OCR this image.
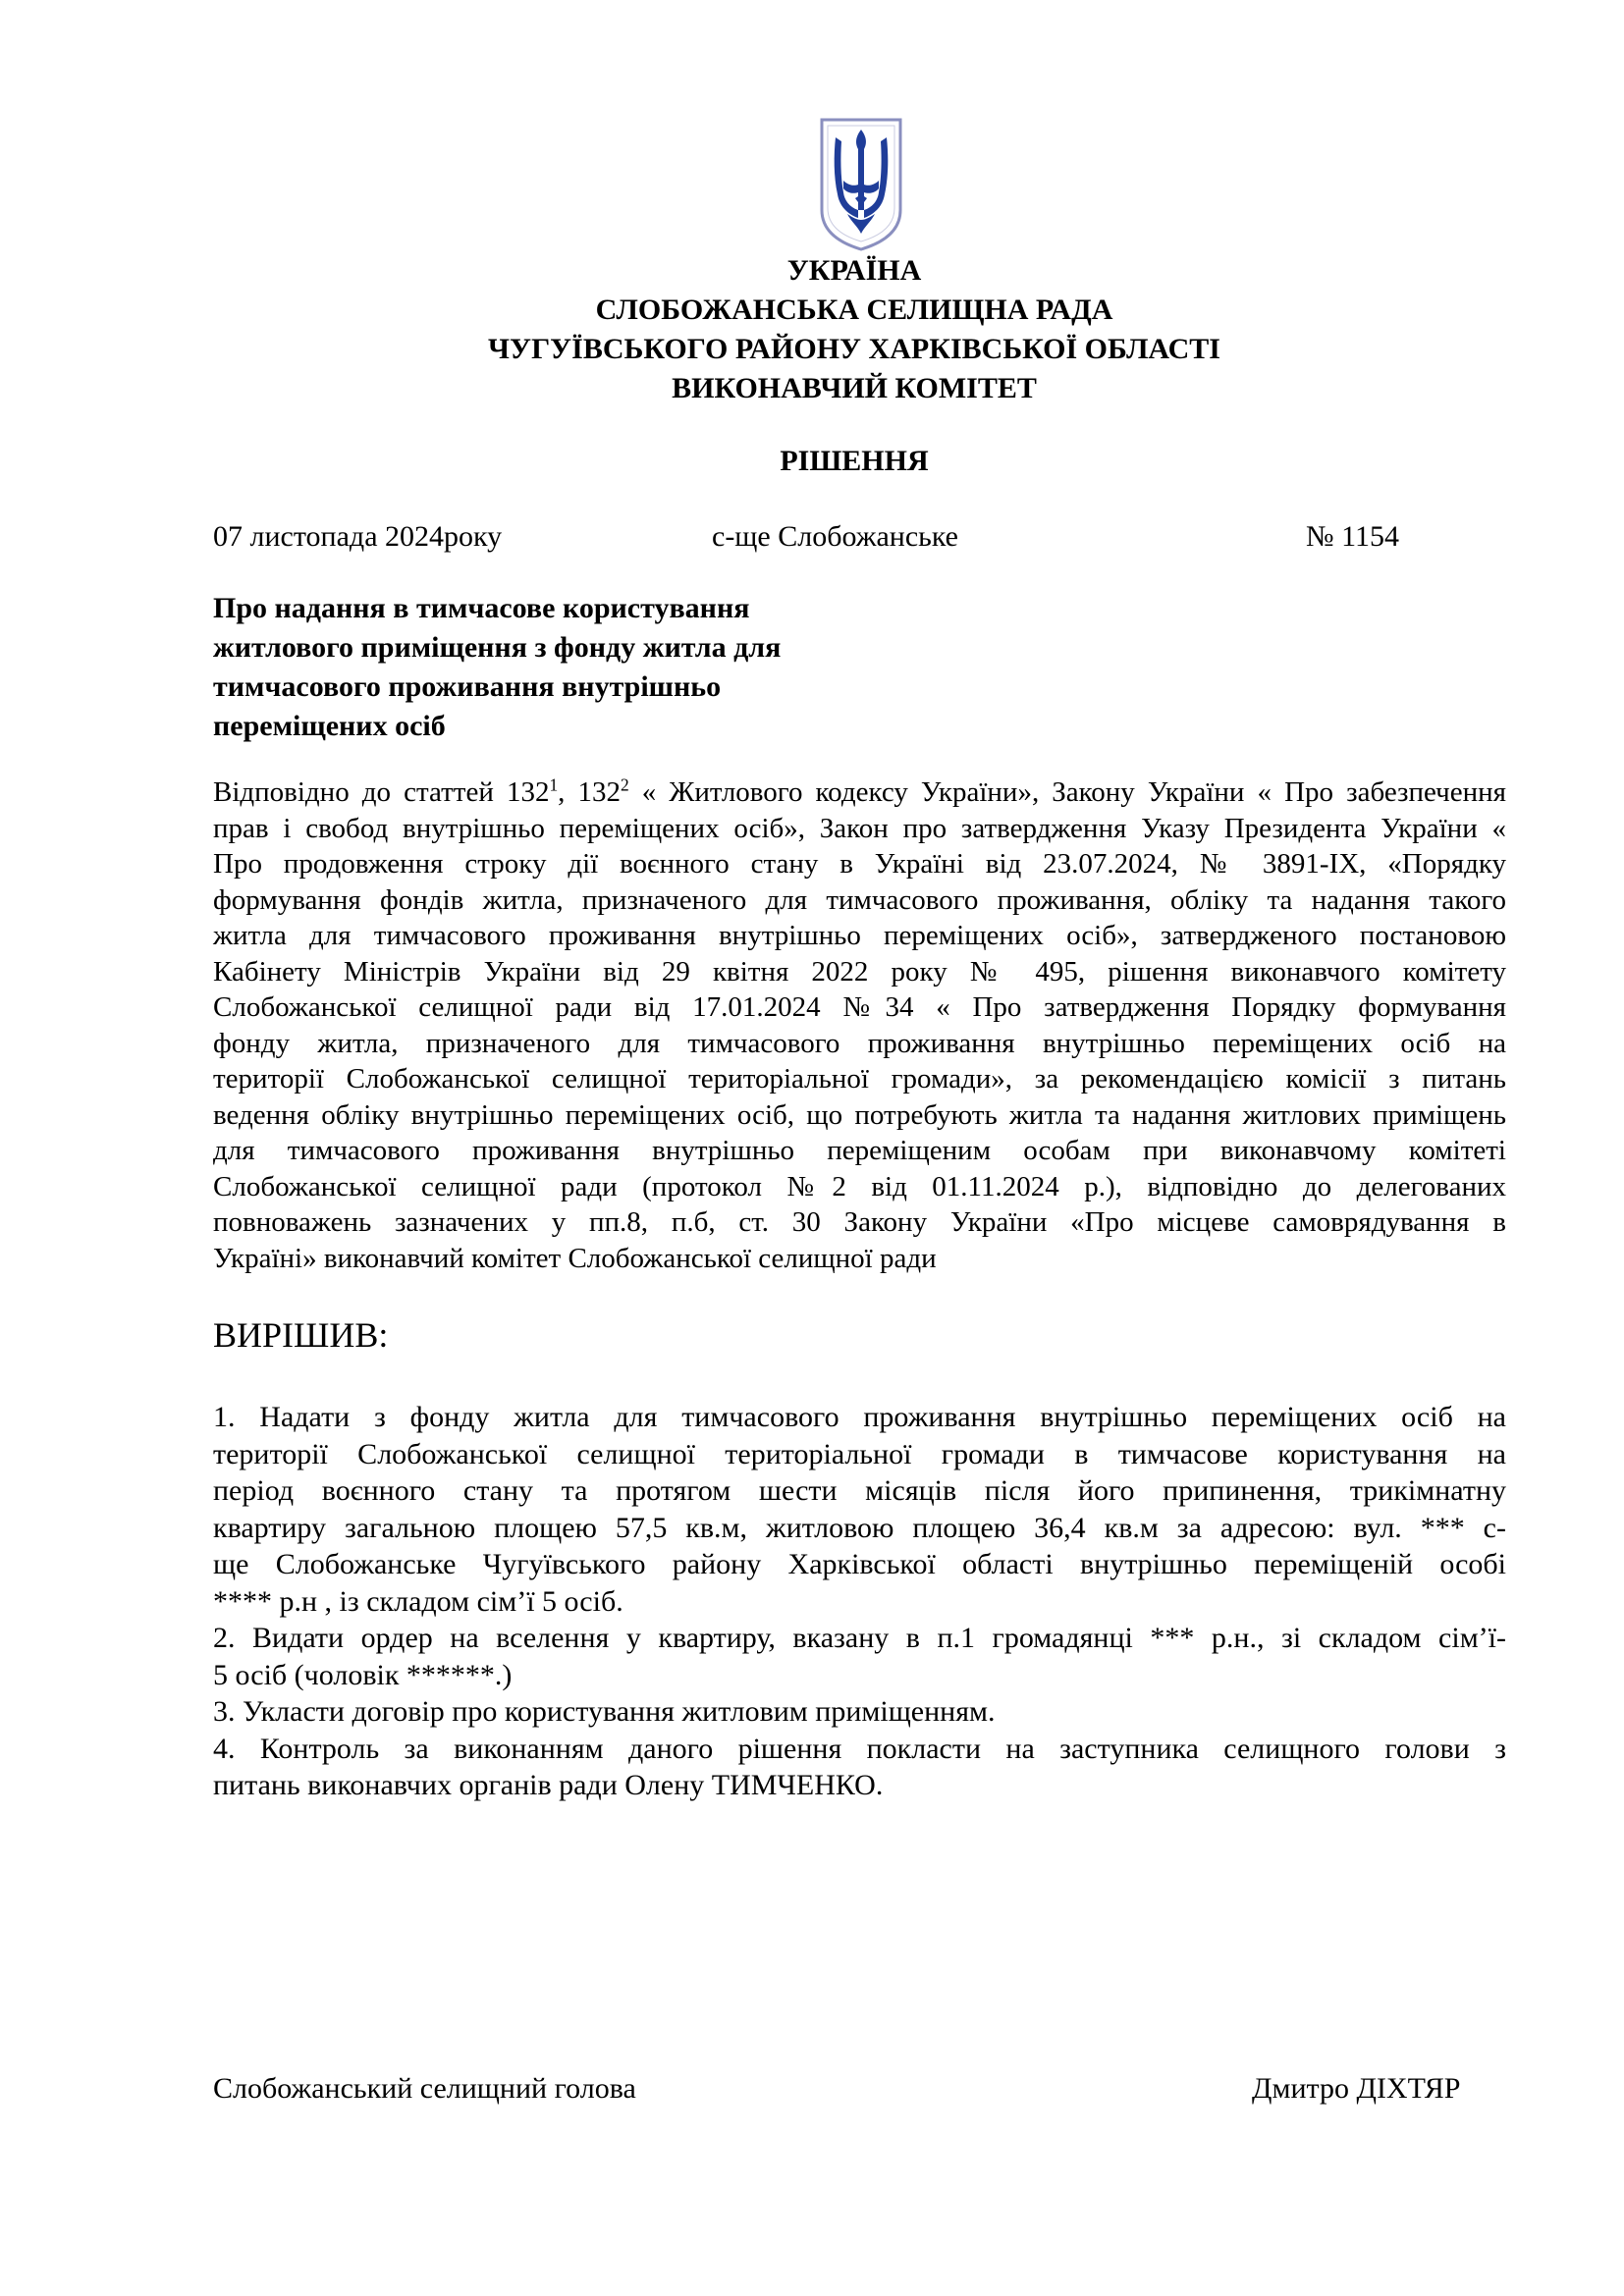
УКРАЇНА
СЛОБОЖАНСЬКА СЕЛИЩНА РАДА
ЧУГУЇВСЬКОГО РАЙОНУ ХАРКІВСЬКОЇ ОБЛАСТІ
ВИКОНАВЧИЙ КОМІТЕТ
РІШЕННЯ
07 листопада 2024року	с-ще Слобожанське	№ 1154
Про надання в тимчасове користування
житлового приміщення з фонду житла для
тимчасового проживання внутрішньо
переміщених осіб
Відповідно до статтей $132^1$, $132^2$ « Житлового кодексу України», Закону України « Про забезпечення
прав і свобод внутрішньо переміщених осіб», Закон про затвердження Указу Президента України «
Про продовження строку дії воєнного стану в Україні від 23.07.2024, № 3891-IX, «Порядку
формування фондів житла, призначеного для тимчасового проживання, обліку та надання такого
житла для тимчасового проживання внутрішньо переміщених осіб», затвердженого постановою
Кабінету Міністрів України від 29 квітня 2022 року № 495, рішення виконавчого комітету
Слобожанської селищної ради від 17.01.2024 №34 « Про затвердження Порядку формування
фонду житла, призначеного для тимчасового проживання внутрішньо переміщених осіб на
території Слобожанської селищної територіальної громади», за рекомендацією комісії з питань
ведення обліку внутрішньо переміщених осіб, що потребують житла та надання житлових приміщень
для тимчасового проживання внутрішньо переміщеним особам при виконавчому комітеті
Слобожанської селищної ради (протокол №2 від 01.11.2024 р.), відповідно до делегованих
повноважень зазначених у пп.8, п.б, ст. 30 Закону України «Про місцеве самоврядування в
Україні» виконавчий комітет Слобожанської селищної ради
ВИРІШИВ:
1. Надати з фонду житла для тимчасового проживання внутрішньо переміщених осіб на
території Слобожанської селищної територіальної громади в тимчасове користування на
період воєнного стану та протягом шести місяців після його припинення, трикімнатну
квартиру загальною площею 57,5 кв.м, житловою площею 36,4 кв.м за адресою: вул. *** с-
ще Слобожанське Чугуївського району Харківської області внутрішньо переміщеній особі
**** р.н , із складом сім’ї 5 осіб.
2. Видати ордер на вселення у квартиру, вказану в п.1 громадянці *** р.н., зі складом сім’ї-
5 осіб (чоловік ******.)
3. Укласти договір про користування житловим приміщенням.
4. Контроль за виконанням даного рішення покласти на заступника селищного голови з
питань виконавчих органів ради Олену ТИМЧЕНКО.
Слобожанський селищний голова	Дмитро ДІХТЯР
